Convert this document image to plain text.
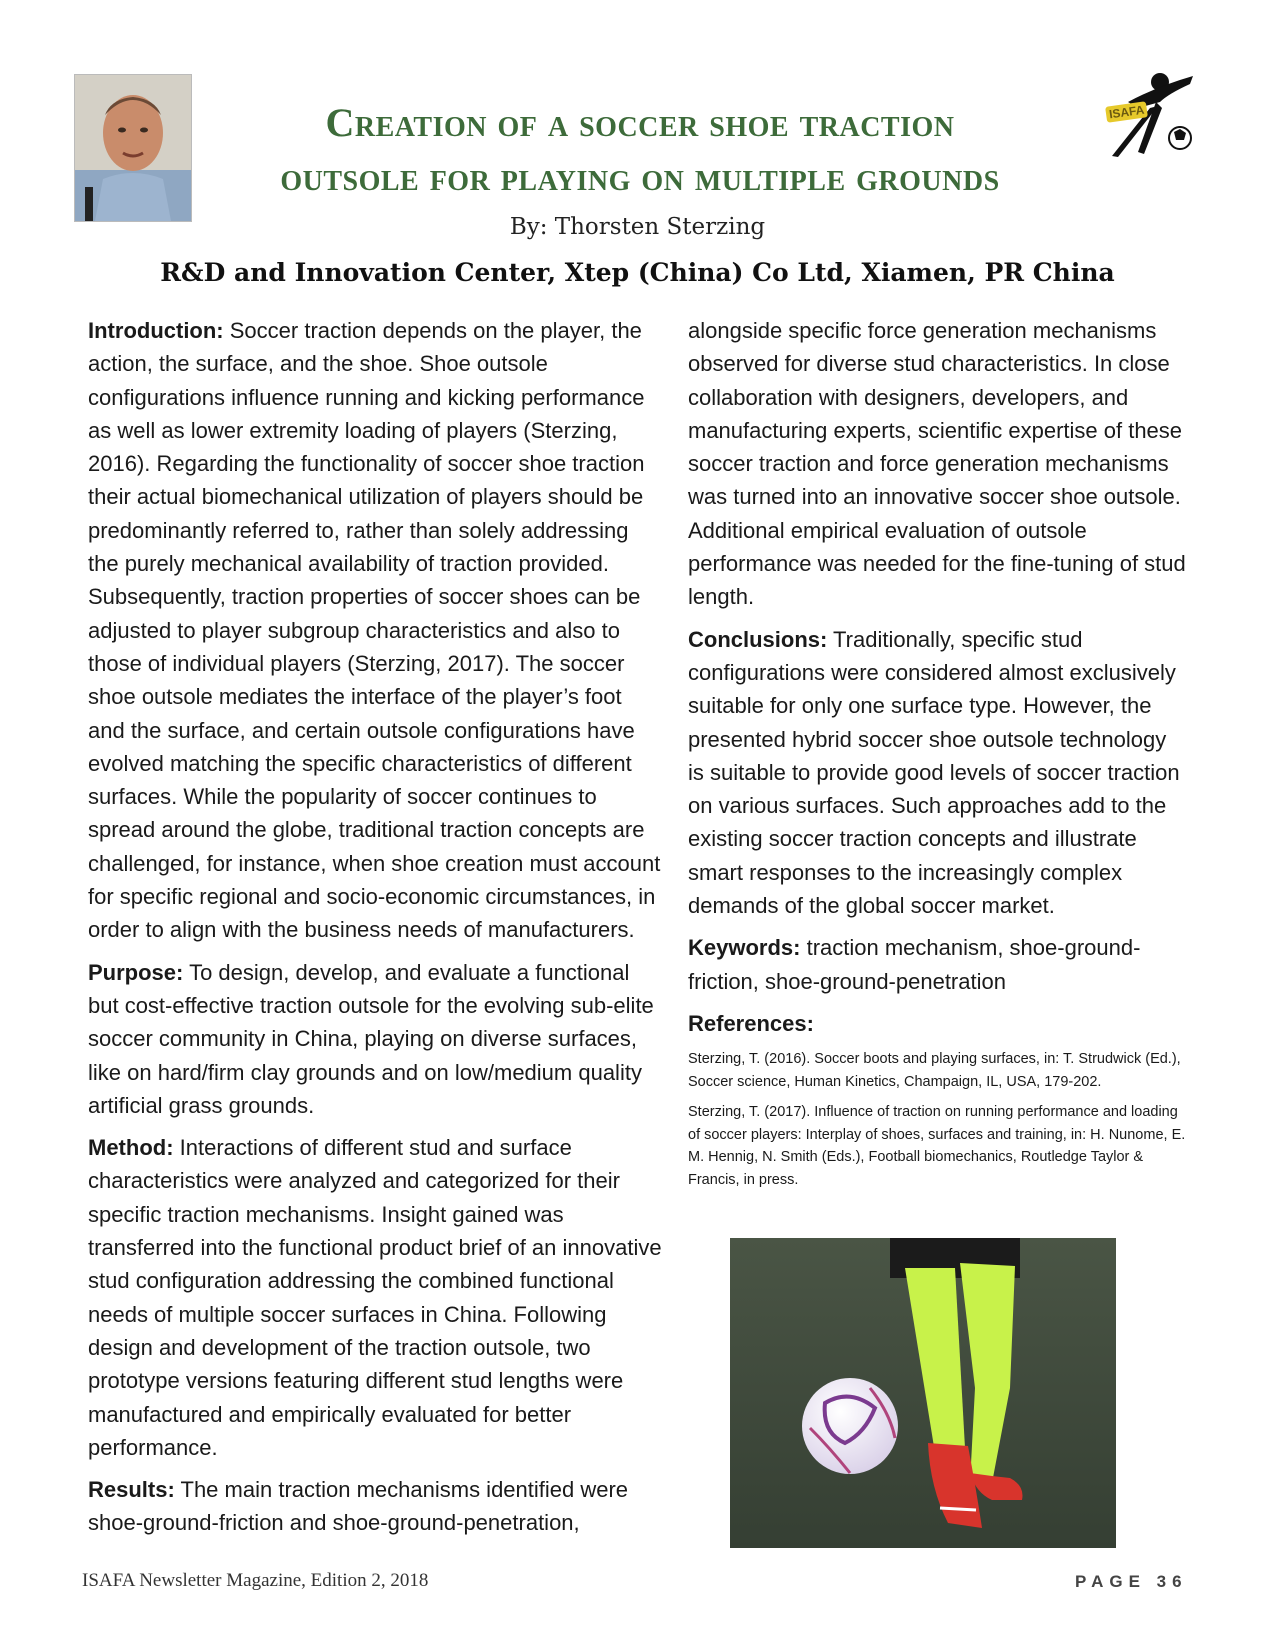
Creation of a soccer shoe traction
outsole for playing on multiple grounds
ISAFA
By: Thorsten Sterzing
R&D and Innovation Center, Xtep (China) Co Ltd, Xiamen, PR China

Introduction: Soccer traction depends on the player, the action, the surface, and the shoe. Shoe outsole configurations influence running and kicking performance as well as lower extremity loading of players (Sterzing, 2016). Regarding the functionality of soccer shoe traction their actual biomechanical utilization of players should be predominantly referred to, rather than solely addressing the purely mechanical availability of traction provided. Subsequently, traction properties of soccer shoes can be adjusted to player subgroup characteristics and also to those of individual players (Sterzing, 2017). The soccer shoe outsole mediates the interface of the player’s foot and the surface, and certain outsole configurations have evolved matching the specific characteristics of different surfaces. While the popularity of soccer continues to spread around the globe, traditional traction concepts are challenged, for instance, when shoe creation must account for specific regional and socio-economic circumstances, in order to align with the business needs of manufacturers.

Purpose: To design, develop, and evaluate a functional but cost-effective traction outsole for the evolving sub-elite soccer community in China, playing on diverse surfaces, like on hard/firm clay grounds and on low/medium quality artificial grass grounds.

Method: Interactions of different stud and surface characteristics were analyzed and categorized for their specific traction mechanisms. Insight gained was transferred into the functional product brief of an innovative stud configuration addressing the combined functional needs of multiple soccer surfaces in China. Following design and development of the traction outsole, two prototype versions featuring different stud lengths were manufactured and empirically evaluated for better performance.

Results: The main traction mechanisms identified were shoe-ground-friction and shoe-ground-penetration,

alongside specific force generation mechanisms observed for diverse stud characteristics. In close collaboration with designers, developers, and manufacturing experts, scientific expertise of these soccer traction and force generation mechanisms was turned into an innovative soccer shoe outsole. Additional empirical evaluation of outsole performance was needed for the fine-tuning of stud length.

Conclusions: Traditionally, specific stud configurations were considered almost exclusively suitable for only one surface type. However, the presented hybrid soccer shoe outsole technology is suitable to provide good levels of soccer traction on various surfaces. Such approaches add to the existing soccer traction concepts and illustrate smart responses to the increasingly complex demands of the global soccer market.

Keywords: traction mechanism, shoe-ground-friction, shoe-ground-penetration

References:
Sterzing, T. (2016). Soccer boots and playing surfaces, in: T. Strudwick (Ed.), Soccer science, Human Kinetics, Champaign, IL, USA, 179-202.
Sterzing, T. (2017). Influence of traction on running performance and loading of soccer players: Interplay of shoes, surfaces and training, in: H. Nunome, E. M. Hennig, N. Smith (Eds.), Football biomechanics, Routledge Taylor & Francis, in press.
ISAFA Newsletter Magazine, Edition 2, 2018	PAGE 36
